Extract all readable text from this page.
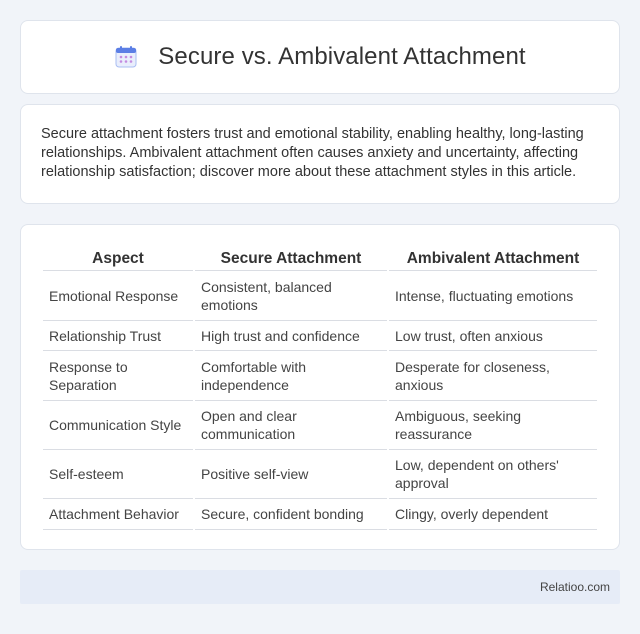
Secure vs. Ambivalent Attachment

Secure attachment fosters trust and emotional stability, enabling healthy, long-lasting relationships. Ambivalent attachment often causes anxiety and uncertainty, affecting relationship satisfaction; discover more about these attachment styles in this article.

Aspect	Secure Attachment	Ambivalent Attachment
Emotional Response	Consistent, balanced emotions	Intense, fluctuating emotions
Relationship Trust	High trust and confidence	Low trust, often anxious
Response to Separation	Comfortable with independence	Desperate for closeness, anxious
Communication Style	Open and clear communication	Ambiguous, seeking reassurance
Self-esteem	Positive self-view	Low, dependent on others' approval
Attachment Behavior	Secure, confident bonding	Clingy, overly dependent
Relatioo.com
